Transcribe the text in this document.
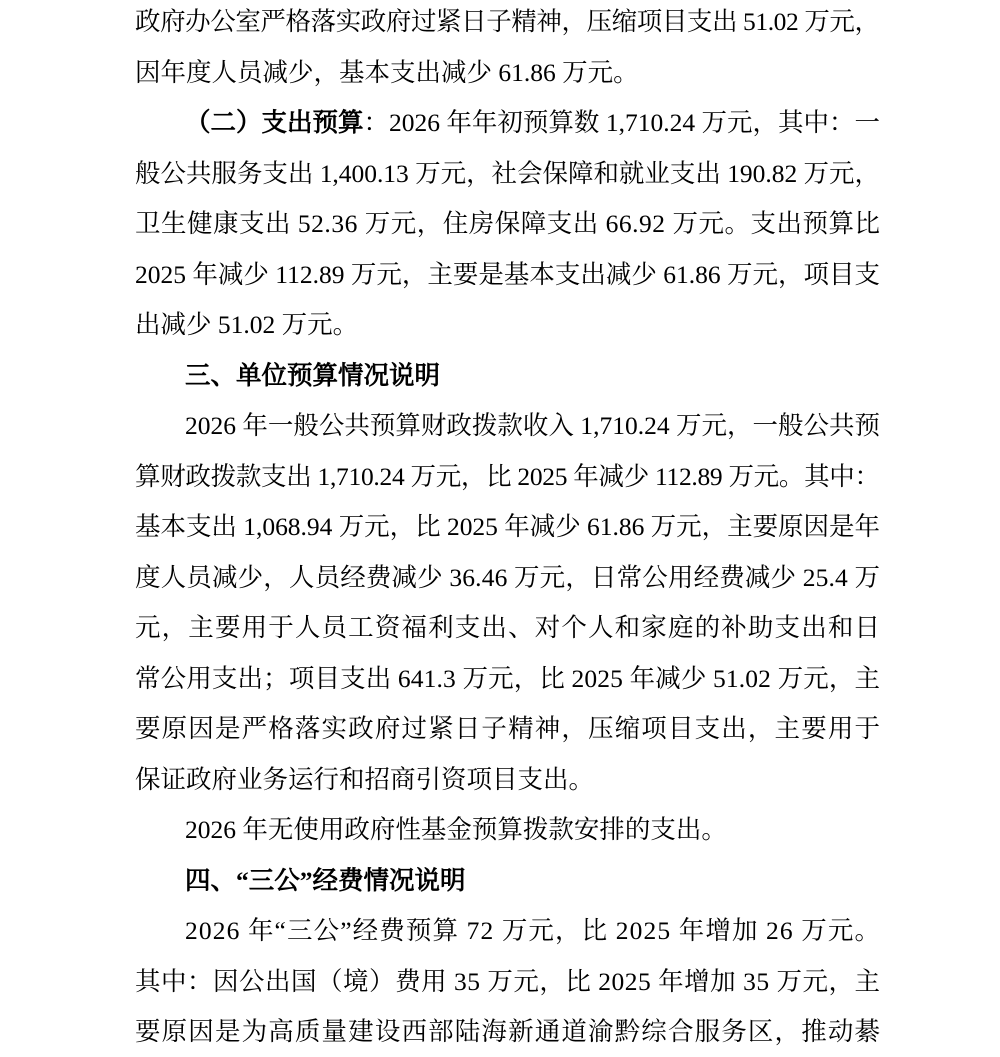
政府办公室严格落实政府过紧日子精神，压缩项目支出 51.02 万元，
因年度人员减少，基本支出减少 61.86 万元。
（二）支出预算：2026 年年初预算数 1,710.24 万元，其中：一
般公共服务支出 1,400.13 万元，社会保障和就业支出 190.82 万元，
卫生健康支出 52.36 万元，住房保障支出 66.92 万元。支出预算比
2025 年减少 112.89 万元，主要是基本支出减少 61.86 万元，项目支
出减少 51.02 万元。
三、单位预算情况说明
2026 年一般公共预算财政拨款收入 1,710.24 万元，一般公共预
算财政拨款支出 1,710.24 万元，比 2025 年减少 112.89 万元。其中：
基本支出 1,068.94 万元，比 2025 年减少 61.86 万元，主要原因是年
度人员减少，人员经费减少 36.46 万元，日常公用经费减少 25.4 万
元，主要用于人员工资福利支出、对个人和家庭的补助支出和日
常公用支出；项目支出 641.3 万元，比 2025 年减少 51.02 万元，主
要原因是严格落实政府过紧日子精神，压缩项目支出，主要用于
保证政府业务运行和招商引资项目支出。
2026 年无使用政府性基金预算拨款安排的支出。
四、“三公”经费情况说明
2026 年“三公”经费预算 72 万元，比 2025 年增加 26 万元。
其中：因公出国（境）费用 35 万元，比 2025 年增加 35 万元，主
要原因是为高质量建设西部陆海新通道渝黔综合服务区，推动綦
